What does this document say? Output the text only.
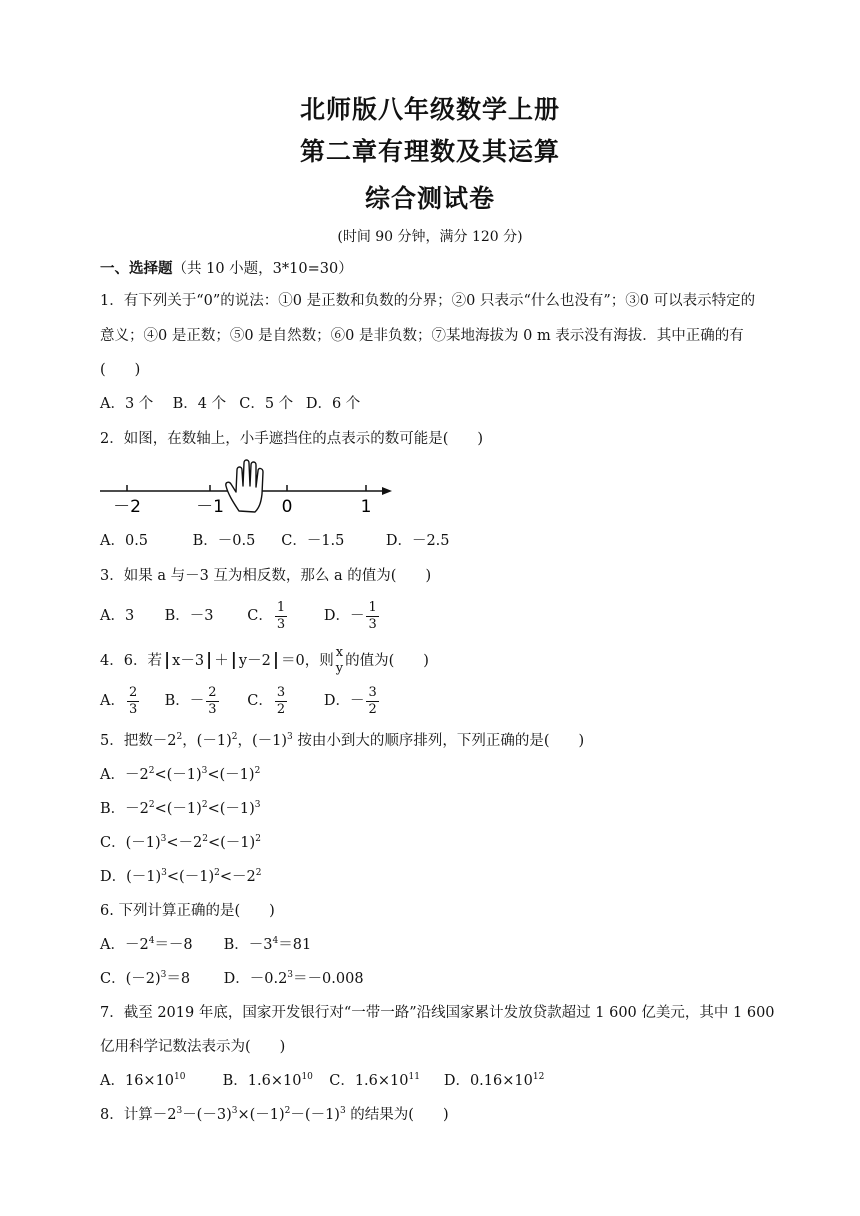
北师版八年级数学上册
第二章有理数及其运算
综合测试卷
(时间 90 分钟，满分 120 分)
一、选择题（共 10 小题，3*10=30）
1．有下列关于“0”的说法：①0 是正数和负数的分界；②0 只表示“什么也没有”；③0 可以表示特定的
意义；④0 是正数；⑤0 是自然数；⑥0 是非负数；⑦某地海拔为 0 m 表示没有海拔．其中正确的有
(　　)
A．3 个 B．4 个 C．5 个 D．6 个
2．如图，在数轴上，小手遮挡住的点表示的数可能是(　　)
－2	－1	0	1
A．0.5	B．－0.5 C．－1.5	D．－2.5
3．如果 a 与－3 互为相反数，那么 a 的值为(　　)
A．3 B．－3 C． $\frac{1}{3}$	D．－ $\frac{1}{3}$
4．6．若 | x－3 | ＋ | y－2 | ＝0，则
x
y 的值为(　　)
A． $\frac{2}{3}$ B．－ $\frac{2}{3}$ C． $\frac{3}{2}$	D．－ $\frac{3}{2}$
5．把数$-2^2$，$(-1)^2$，$(-1)^3$ 按由小到大的顺序排列，下列正确的是(　　)
A．$-2^2<(-1)^3<(-1)^2$
B．$-2^2<(-1)^2<(-1)^3$
C．$(-1)^3<-2^2<(-1)^2$
D．$(-1)^3<(-1)^2<-2^2$
6. 下列计算正确的是(　　)
A．$-2^4=-8$ B．$-3^4=81$
C．$(-2)^3=8$ D．$-0.2^3=-0.008$
7．截至 2019 年底，国家开发银行对“一带一路”沿线国家累计发放贷款超过 1 600 亿美元，其中 1 600
亿用科学记数法表示为(　　)
A．$16\times 10^{10}$	B．$1.6\times 10^{10}$ C．$1.6\times 10^{11}$ D．$0.16\times 10^{12}$
8．计算$-2^3-(-3)^3\times(-1)^2-(-1)^3$ 的结果为(　　)
